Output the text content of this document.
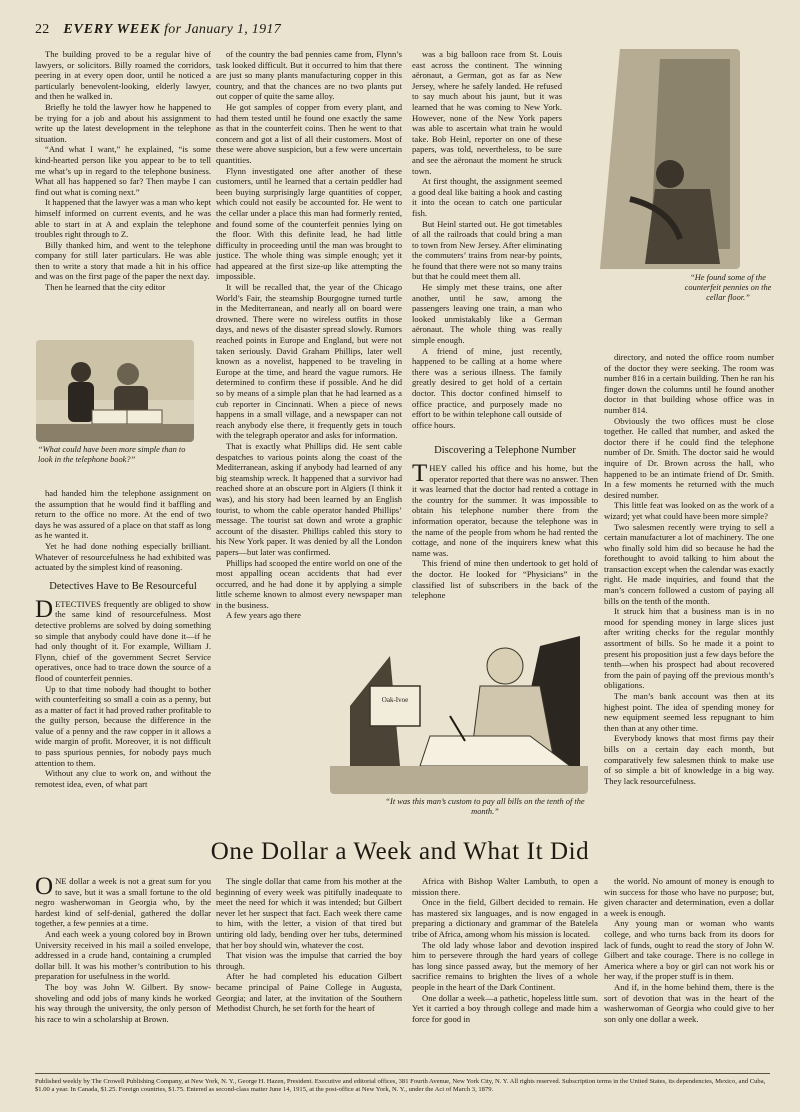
22 EVERY WEEK for January 1, 1917

The building proved to be a regular hive of lawyers, or solicitors. Billy roamed the corridors, peering in at every open door, until he noticed a particularly benevolent-looking, elderly lawyer, and then he walked in.

Briefly he told the lawyer how he happened to be trying for a job and about his assignment to write up the latest development in the telephone situation.

“And what I want,” he explained, “is some kind-hearted person like you appear to be to tell me what’s up in regard to the telephone business. What all has happened so far? Then maybe I can find out what is coming next.”

It happened that the lawyer was a man who kept himself informed on current events, and he was able to start in at A and explain the telephone troubles right through to Z.

Billy thanked him, and went to the telephone company for still later particulars. He was able then to write a story that made a hit in his office and was on the first page of the paper the next day.

Then he learned that the city editor

“What could have been more simple than to look in the telephone book?”

had handed him the telephone assignment on the assumption that he would find it baffling and return to the office no more. At the end of two days he was assured of a place on that staff as long as he wanted it.

Yet he had done nothing especially brilliant. Whatever of resourcefulness he had exhibited was actuated by the simplest kind of reasoning.

Detectives Have to Be Resourceful

DETECTIVES frequently are obliged to show the same kind of resourcefulness. Most detective problems are solved by doing something so simple that anybody could have done it—if he had only thought of it. For example, William J. Flynn, chief of the government Secret Service operatives, once had to trace down the source of a flood of counterfeit pennies.

Up to that time nobody had thought to bother with counterfeiting so small a coin as a penny, but as a matter of fact it had proved rather profitable to the guilty person, because the difference in the value of a penny and the raw copper in it allows a wide margin of profit. Moreover, it is not difficult to pass spurious pennies, for nobody pays much attention to them.

Without any clue to work on, and without the remotest idea, even, of what part

of the country the bad pennies came from, Flynn’s task looked difficult. But it occurred to him that there are just so many plants manufacturing copper in this country, and that the chances are no two plants put out copper of quite the same alloy.

He got samples of copper from every plant, and had them tested until he found one exactly the same as that in the counterfeit coins. Then he went to that concern and got a list of all their customers. Most of these were above suspicion, but a few were uncertain quantities.

Flynn investigated one after another of these customers, until he learned that a certain peddler had been buying surprisingly large quantities of copper, which could not easily be accounted for. He went to the cellar under a place this man had formerly rented, and found some of the counterfeit pennies lying on the floor. With this definite lead, he had little difficulty in proceeding until the man was brought to justice. The whole thing was simple enough; yet it had appeared at the first size-up like attempting the impossible.

It will be recalled that, the year of the Chicago World’s Fair, the steamship Bourgogne turned turtle in the Mediterranean, and nearly all on board were drowned. There were no wireless outfits in those days, and news of the disaster spread slowly. Rumors reached points in Europe and England, but were not taken seriously. David Graham Phillips, later well known as a novelist, happened to be traveling in Europe at the time, and heard the vague rumors. He determined to confirm these if possible. And he did so by means of a simple plan that he had learned as a cub reporter in Cincinnati. When a piece of news happens in a small village, and a newspaper can not reach anybody else there, it frequently gets in touch with the telegraph operator and asks for information.

That is exactly what Phillips did. He sent cable despatches to various points along the coast of the Mediterranean, asking if anybody had learned of any big steamship wreck. It happened that a survivor had reached shore at an obscure port in Algiers (I think it was), and his story had been learned by an English tourist, to whom the cable operator handed Phillips’ message. The tourist sat down and wrote a graphic account of the disaster. Phillips cabled this story to his New York paper. It was denied by all the London papers—but later was confirmed.

Phillips had scooped the entire world on one of the most appalling ocean accidents that had ever occurred, and he had done it by applying a simple little scheme known to almost every newspaper man in the business.

A few years ago there

was a big balloon race from St. Louis east across the continent. The winning aëronaut, a German, got as far as New Jersey, where he safely landed. He refused to say much about his jaunt, but it was learned that he was coming to New York. However, none of the New York papers was able to ascertain what train he would take. Bob Heinl, reporter on one of these papers, was told, nevertheless, to be sure and see the aëronaut the moment he struck town.

At first thought, the assignment seemed a good deal like baiting a hook and casting it into the ocean to catch one particular fish.

But Heinl started out. He got timetables of all the railroads that could bring a man to town from New Jersey. After eliminating the commuters’ trains from near-by points, he found that there were not so many trains but that he could meet them all.

He simply met these trains, one after another, until he saw, among the passengers leaving one train, a man who looked unmistakably like a German aëronaut. The whole thing was really simple enough.

A friend of mine, just recently, happened to be calling at a home where there was a serious illness. The family greatly desired to get hold of a certain doctor. This doctor confined himself to office practice, and purposely made no effort to be within telephone call outside of office hours.

“He found some of the counterfeit pennies on the cellar floor.”
Discovering a Telephone Number

THEY called his office and his home, but the operator reported that there was no answer. Then it was learned that the doctor had rented a cottage in the country for the summer. It was impossible to obtain his telephone number there from the information operator, because the telephone was in the name of the people from whom he had rented the cottage, and none of the inquirers knew what this name was.

This friend of mine then undertook to get hold of the doctor. He looked for “Physicians” in the classified list of subscribers in the back of the telephone

Oak-Ivoe
“It was this man’s custom to pay all bills on the tenth of the month.”

directory, and noted the office room number of the doctor they were seeking. The room was number 816 in a certain building. Then he ran his finger down the columns until he found another doctor in that building whose office was in number 814.

Obviously the two offices must be close together. He called that number, and asked the doctor there if he could find the telephone number of Dr. Smith. The doctor said he would inquire of Dr. Brown across the hall, who happened to be an intimate friend of Dr. Smith. In a few moments he returned with the much desired number.

This little feat was looked on as the work of a wizard; yet what could have been more simple?

Two salesmen recently were trying to sell a certain manufacturer a lot of machinery. The one who finally sold him did so because he had the forethought to avoid talking to him about the transaction except when the calendar was exactly right. He made inquiries, and found that the man’s concern followed a custom of paying all bills on the tenth of the month.

It struck him that a business man is in no mood for spending money in large slices just after writing checks for the regular monthly assortment of bills. So he made it a point to present his proposition just a few days before the tenth—when his prospect had about recovered from the pain of paying off the previous month’s obligations.

The man’s bank account was then at its highest point. The idea of spending money for new equipment seemed less repugnant to him then than at any other time.

Everybody knows that most firms pay their bills on a certain day each month, but comparatively few salesmen think to make use of so simple a bit of knowledge in a big way. They lack resourcefulness.

One Dollar a Week and What It Did

ONE dollar a week is not a great sum for you to save, but it was a small fortune to the old negro washerwoman in Georgia who, by the hardest kind of self-denial, gathered the dollar together, a few pennies at a time.

And each week a young colored boy in Brown University received in his mail a soiled envelope, addressed in a crude hand, containing a crumpled dollar bill. It was his mother’s contribution to his preparation for usefulness in the world.

The boy was John W. Gilbert. By snow-shoveling and odd jobs of many kinds he worked his way through the university, the only person of his race to win a scholarship at Brown.

The single dollar that came from his mother at the beginning of every week was pitifully inadequate to meet the need for which it was intended; but Gilbert never let her suspect that fact. Each week there came to him, with the letter, a vision of that tired but untiring old lady, bending over her tubs, determined that her boy should win, whatever the cost.

That vision was the impulse that carried the boy through.

After he had completed his education Gilbert became principal of Paine College in Augusta, Georgia; and later, at the invitation of the Southern Methodist Church, he set forth for the heart of

Africa with Bishop Walter Lambuth, to open a mission there.

Once in the field, Gilbert decided to remain. He has mastered six languages, and is now engaged in preparing a dictionary and grammar of the Batelela tribe of Africa, among whom his mission is located.

The old lady whose labor and devotion inspired him to persevere through the hard years of college has long since passed away, but the memory of her sacrifice remains to brighten the lives of a whole people in the heart of the Dark Continent.

One dollar a week—a pathetic, hopeless little sum. Yet it carried a boy through college and made him a force for good in

the world. No amount of money is enough to win success for those who have no purpose; but, given character and determination, even a dollar a week is enough.

Any young man or woman who wants college, and who turns back from its doors for lack of funds, ought to read the story of John W. Gilbert and take courage. There is no college in America where a boy or girl can not work his or her way, if the proper stuff is in them.

And if, in the home behind them, there is the sort of devotion that was in the heart of the washerwoman of Georgia who could give to her son only one dollar a week.

Published weekly by The Crowell Publishing Company, at New York, N. Y., George H. Hazen, President. Executive and editorial offices, 381 Fourth Avenue, New York City, N. Y. All rights reserved. Subscription terms in the United States, its dependencies, Mexico, and Cuba, $1.00 a year. In Canada, $1.25. Foreign countries, $1.75. Entered as second-class matter June 14, 1915, at the post-office at New York, N. Y., under the Act of March 3, 1879.
